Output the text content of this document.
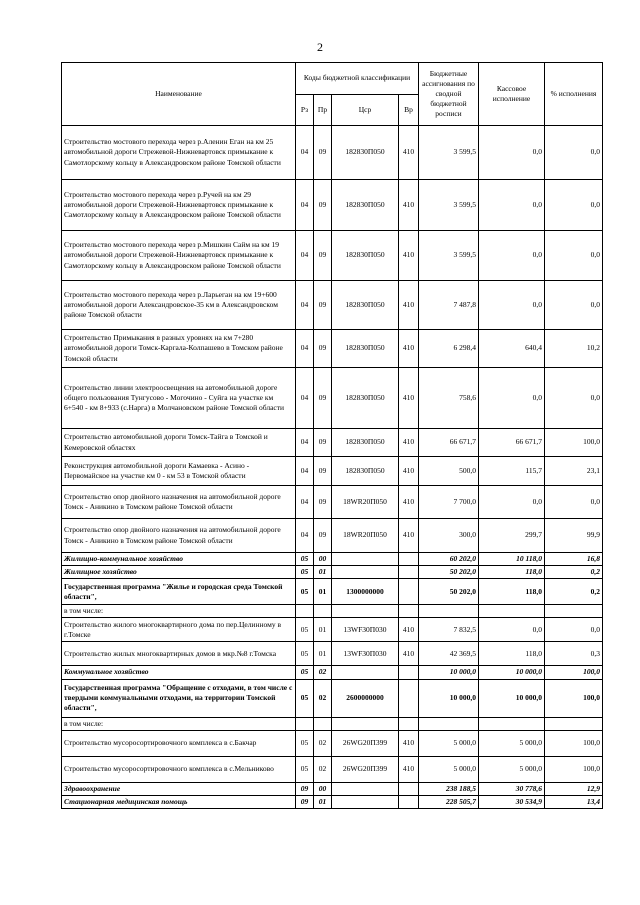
2
Наименование	Коды бюджетной классификации				Бюджетные ассигнования по сводной бюджетной росписи	Кассовое исполнение	% исполнения
	Рз	Пр	Цср	Вр			
Строительство мостового перехода через р.Аленин Еган на км 25 автомобильной дороги Стрежевой-Нижневартовск примыкание к Самотлорскому кольцу в Александровском районе Томской области	04	09	182830П050	410	3 599,5	0,0	0,0
Строительство мостового перехода через р.Ручей на км 29 автомобильной дороги Стрежевой-Нижневартовск примыкание к Самотлорскому кольцу в Александровском районе Томской области	04	09	182830П050	410	3 599,5	0,0	0,0
Строительство мостового перехода через р.Мишкин Сайм на км 19 автомобильной дороги Стрежевой-Нижневартовск примыкание к Самотлорскому кольцу в Александровском районе Томской области	04	09	182830П050	410	3 599,5	0,0	0,0
Строительство мостового перехода через р.Ларьеган на км 19+600 автомобильной дороги Александровское-35 км в Александровском районе Томской области	04	09	182830П050	410	7 487,8	0,0	0,0
Строительство Примыкания в разных уровнях на км 7+280 автомобильной дороги Томск-Каргала-Колпашево в Томском районе Томской области	04	09	182830П050	410	6 298,4	640,4	10,2
Строительство линии электроосвещения на автомобильной дороге общего пользования Тунгусово - Могочино - Суйга на участке км 6+540 - км 8+933 (с.Нарга) в Молчановском районе Томской области	04	09	182830П050	410	758,6	0,0	0,0
Строительство автомобильной дороги Томск-Тайга в Томской и Кемеровской областях	04	09	182830П050	410	66 671,7	66 671,7	100,0
Реконструкция автомобильной дороги Камаевка - Асино - Первомайское на участке км 0 - км 53 в Томской области	04	09	182830П050	410	500,0	115,7	23,1
Строительство опор двойного назначения на автомобильной дороге Томск - Аникино в Томском районе Томской области	04	09	18WR20П050	410	7 700,0	0,0	0,0
Строительство опор двойного назначения на автомобильной дороге Томск - Аникино в Томском районе Томской области	04	09	18WR20П050	410	300,0	299,7	99,9
Жилищно-коммунальное хозяйство	05	00			60 202,0	10 118,0	16,8
Жилищное хозяйство	05	01			50 202,0	118,0	0,2
Государственная программа "Жилье и городская среда Томской области",	05	01	1300000000		50 202,0	118,0	0,2
в том числе:							
Строительство жилого многоквартирного дома по пер.Целинному в г.Томске	05	01	13WF30П030	410	7 832,5	0,0	0,0
Строительство жилых многоквартирных домов в мкр.№8 г.Томска	05	01	13WF30П030	410	42 369,5	118,0	0,3
Коммунальное хозяйство	05	02			10 000,0	10 000,0	100,0
Государственная программа "Обращение с отходами, в том числе с твердыми коммунальными отходами, на территории Томской области",	05	02	2600000000		10 000,0	10 000,0	100,0
в том числе:							
Строительство мусоросортировочного комплекса в с.Бакчар	05	02	26WG20П399	410	5 000,0	5 000,0	100,0
Строительство мусоросортировочного комплекса в с.Мельниково	05	02	26WG20П399	410	5 000,0	5 000,0	100,0
Здравоохранение	09	00			238 188,5	30 778,6	12,9
Стационарная медицинская помощь	09	01			228 505,7	30 534,9	13,4
